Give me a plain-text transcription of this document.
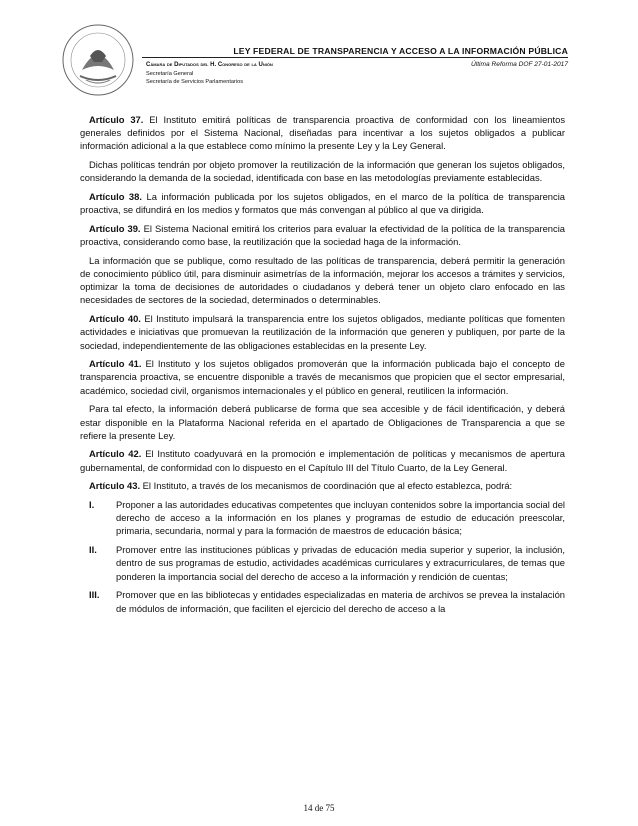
LEY FEDERAL DE TRANSPARENCIA Y ACCESO A LA INFORMACIÓN PÚBLICA
Cámara de Diputados del H. Congreso de la Unión
Secretaría General
Secretaría de Servicios Parlamentarios
Última Reforma DOF 27-01-2017

Artículo 37. El Instituto emitirá políticas de transparencia proactiva de conformidad con los lineamientos generales definidos por el Sistema Nacional, diseñadas para incentivar a los sujetos obligados a publicar información adicional a la que establece como mínimo la presente Ley y la Ley General.

Dichas políticas tendrán por objeto promover la reutilización de la información que generan los sujetos obligados, considerando la demanda de la sociedad, identificada con base en las metodologías previamente establecidas.

Artículo 38. La información publicada por los sujetos obligados, en el marco de la política de transparencia proactiva, se difundirá en los medios y formatos que más convengan al público al que va dirigida.

Artículo 39. El Sistema Nacional emitirá los criterios para evaluar la efectividad de la política de la transparencia proactiva, considerando como base, la reutilización que la sociedad haga de la información.

La información que se publique, como resultado de las políticas de transparencia, deberá permitir la generación de conocimiento público útil, para disminuir asimetrías de la información, mejorar los accesos a trámites y servicios, optimizar la toma de decisiones de autoridades o ciudadanos y deberá tener un objeto claro enfocado en las necesidades de sectores de la sociedad, determinados o determinables.

Artículo 40. El Instituto impulsará la transparencia entre los sujetos obligados, mediante políticas que fomenten actividades e iniciativas que promuevan la reutilización de la información que generen y publiquen, por parte de la sociedad, independientemente de las obligaciones establecidas en la presente Ley.

Artículo 41. El Instituto y los sujetos obligados promoverán que la información publicada bajo el concepto de transparencia proactiva, se encuentre disponible a través de mecanismos que propicien que el sector empresarial, académico, sociedad civil, organismos internacionales y el público en general, reutilicen la información.

Para tal efecto, la información deberá publicarse de forma que sea accesible y de fácil identificación, y deberá estar disponible en la Plataforma Nacional referida en el apartado de Obligaciones de Transparencia a que se refiere la presente Ley.

Artículo 42. El Instituto coadyuvará en la promoción e implementación de políticas y mecanismos de apertura gubernamental, de conformidad con lo dispuesto en el Capítulo III del Título Cuarto, de la Ley General.

Artículo 43. El Instituto, a través de los mecanismos de coordinación que al efecto establezca, podrá:

I.	Proponer a las autoridades educativas competentes que incluyan contenidos sobre la importancia social del derecho de acceso a la información en los planes y programas de estudio de educación preescolar, primaria, secundaria, normal y para la formación de maestros de educación básica;
II.	Promover entre las instituciones públicas y privadas de educación media superior y superior, la inclusión, dentro de sus programas de estudio, actividades académicas curriculares y extracurriculares, de temas que ponderen la importancia social del derecho de acceso a la información y rendición de cuentas;
III.	Promover que en las bibliotecas y entidades especializadas en materia de archivos se prevea la instalación de módulos de información, que faciliten el ejercicio del derecho de acceso a la
14 de 75
